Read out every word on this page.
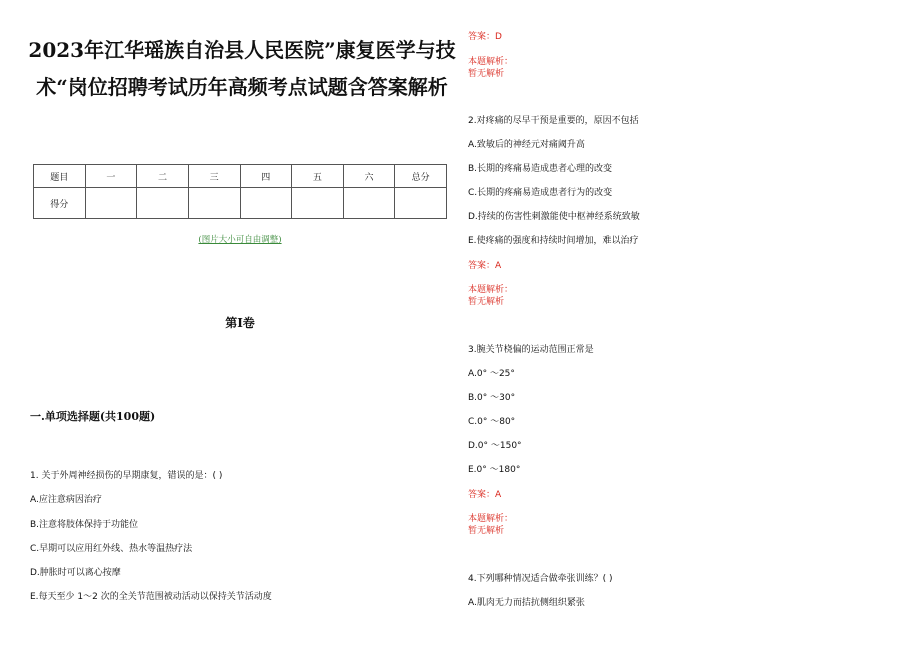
2023年江华瑶族自治县人民医院”康复医学与技术“岗位招聘考试历年高频考点试题含答案解析
题目	一	二	三	四	五	六	总分
得分							
(图片大小可自由调整)
第I卷
一.单项选择题(共100题)
1. 关于外周神经损伤的早期康复，错误的是：( )
A.应注意病因治疗
B.注意将肢体保持于功能位
C.早期可以应用红外线、热水等温热疗法
D.肿胀时可以离心按摩
E.每天至少 1～2 次的全关节范围被动活动以保持关节活动度
答案：D
本题解析：
暂无解析
2.对疼痛的尽早干预是重要的，原因不包括
A.致敏后的神经元对痛阈升高
B.长期的疼痛易造成患者心理的改变
C.长期的疼痛易造成患者行为的改变
D.持续的伤害性刺激能使中枢神经系统致敏
E.使疼痛的强度和持续时间增加，难以治疗
答案：A
本题解析：
暂无解析
3.腕关节桡偏的运动范围正常是
A.0° ～25°
B.0° ～30°
C.0° ～80°
D.0° ～150°
E.0° ～180°
答案：A
本题解析：
暂无解析
4.下列哪种情况适合做牵张训练？( )
A.肌肉无力而拮抗侧组织紧张
